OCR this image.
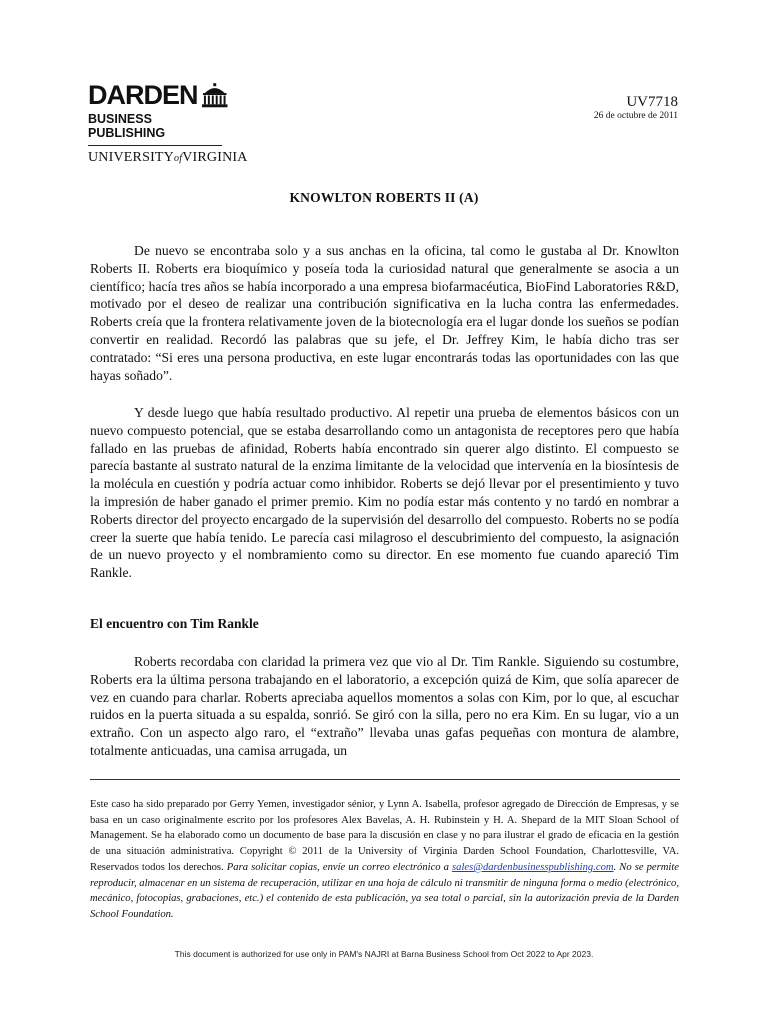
DARDEN
BUSINESS PUBLISHING
UNIVERSITYofVIRGINIA
UV7718
26 de octubre de 2011
KNOWLTON ROBERTS II (A)

De nuevo se encontraba solo y a sus anchas en la oficina, tal como le gustaba al Dr. Knowlton Roberts II. Roberts era bioquímico y poseía toda la curiosidad natural que generalmente se asocia a un científico; hacía tres años se había incorporado a una empresa biofarmacéutica, BioFind Laboratories R&D, motivado por el deseo de realizar una contribución significativa en la lucha contra las enfermedades. Roberts creía que la frontera relativamente joven de la biotecnología era el lugar donde los sueños se podían convertir en realidad. Recordó las palabras que su jefe, el Dr. Jeffrey Kim, le había dicho tras ser contratado: “Si eres una persona productiva, en este lugar encontrarás todas las oportunidades con las que hayas soñado”.

Y desde luego que había resultado productivo. Al repetir una prueba de elementos básicos con un nuevo compuesto potencial, que se estaba desarrollando como un antagonista de receptores pero que había fallado en las pruebas de afinidad, Roberts había encontrado sin querer algo distinto. El compuesto se parecía bastante al sustrato natural de la enzima limitante de la velocidad que intervenía en la biosíntesis de la molécula en cuestión y podría actuar como inhibidor. Roberts se dejó llevar por el presentimiento y tuvo la impresión de haber ganado el primer premio. Kim no podía estar más contento y no tardó en nombrar a Roberts director del proyecto encargado de la supervisión del desarrollo del compuesto. Roberts no se podía creer la suerte que había tenido. Le parecía casi milagroso el descubrimiento del compuesto, la asignación de un nuevo proyecto y el nombramiento como su director. En ese momento fue cuando apareció Tim Rankle.

El encuentro con Tim Rankle

Roberts recordaba con claridad la primera vez que vio al Dr. Tim Rankle. Siguiendo su costumbre, Roberts era la última persona trabajando en el laboratorio, a excepción quizá de Kim, que solía aparecer de vez en cuando para charlar. Roberts apreciaba aquellos momentos a solas con Kim, por lo que, al escuchar ruidos en la puerta situada a su espalda, sonrió. Se giró con la silla, pero no era Kim. En su lugar, vio a un extraño. Con un aspecto algo raro, el “extraño” llevaba unas gafas pequeñas con montura de alambre, totalmente anticuadas, una camisa arrugada, un

Este caso ha sido preparado por Gerry Yemen, investigador sénior, y Lynn A. Isabella, profesor agregado de Dirección de Empresas, y se basa en un caso originalmente escrito por los profesores Alex Bavelas, A. H. Rubinstein y H. A. Shepard de la MIT Sloan School of Management. Se ha elaborado como un documento de base para la discusión en clase y no para ilustrar el grado de eficacia en la gestión de una situación administrativa. Copyright © 2011 de la University of Virginia Darden School Foundation, Charlottesville, VA. Reservados todos los derechos. Para solicitar copias, envíe un correo electrónico a sales@dardenbusinesspublishing.com. No se permite reproducir, almacenar en un sistema de recuperación, utilizar en una hoja de cálculo ni transmitir de ninguna forma o medio (electrónico, mecánico, fotocopias, grabaciones, etc.) el contenido de esta publicación, ya sea total o parcial, sin la autorización previa de la Darden School Foundation.
This document is authorized for use only in PAM's NAJRI at Barna Business School from Oct 2022 to Apr 2023.
